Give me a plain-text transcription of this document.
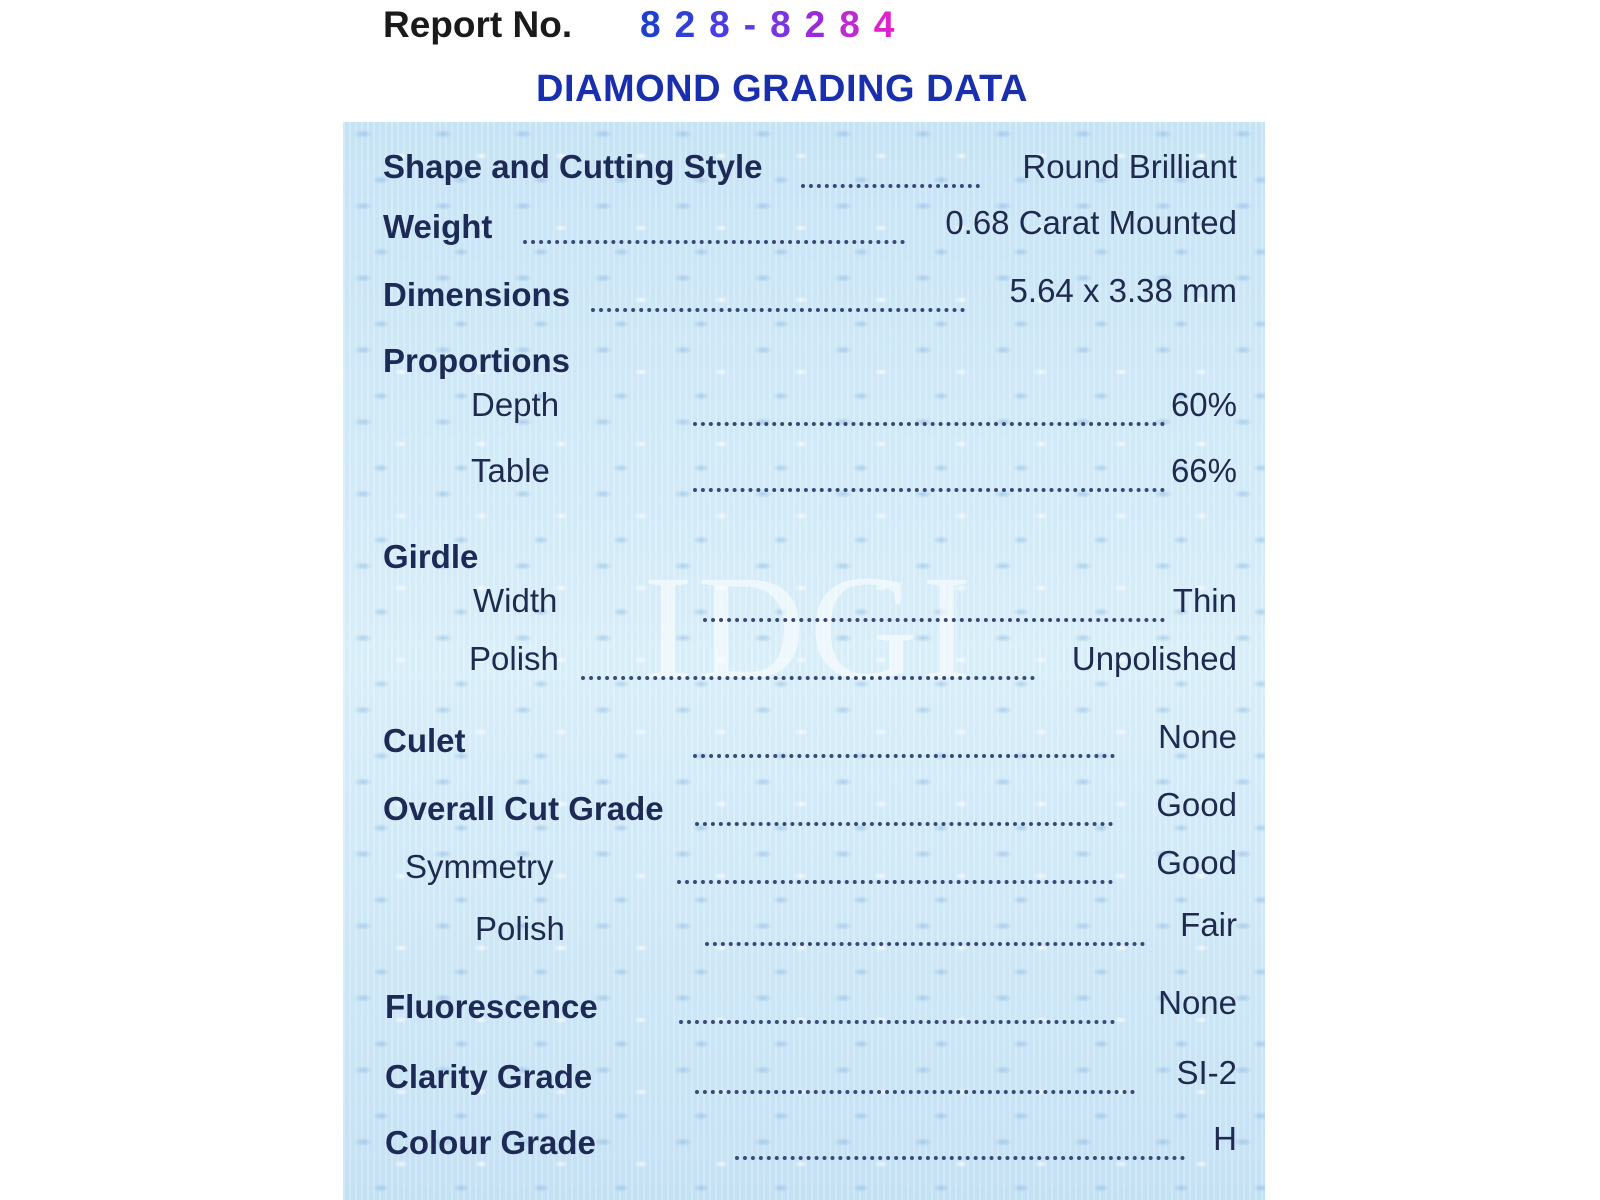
Report No. 8 2 8 - 8 2 8 4
DIAMOND GRADING DATA
IDGI
Shape and Cutting Style	Round Brilliant
Weight	0.68 Carat Mounted
Dimensions	5.64 x 3.38 mm
Proportions
Depth	60%
Table	66%
Girdle
Width	Thin
Polish	Unpolished
Culet	None
Overall Cut Grade	Good
Symmetry	Good
Polish	Fair
Fluorescence	None
Clarity Grade	SI-2
Colour Grade	H
